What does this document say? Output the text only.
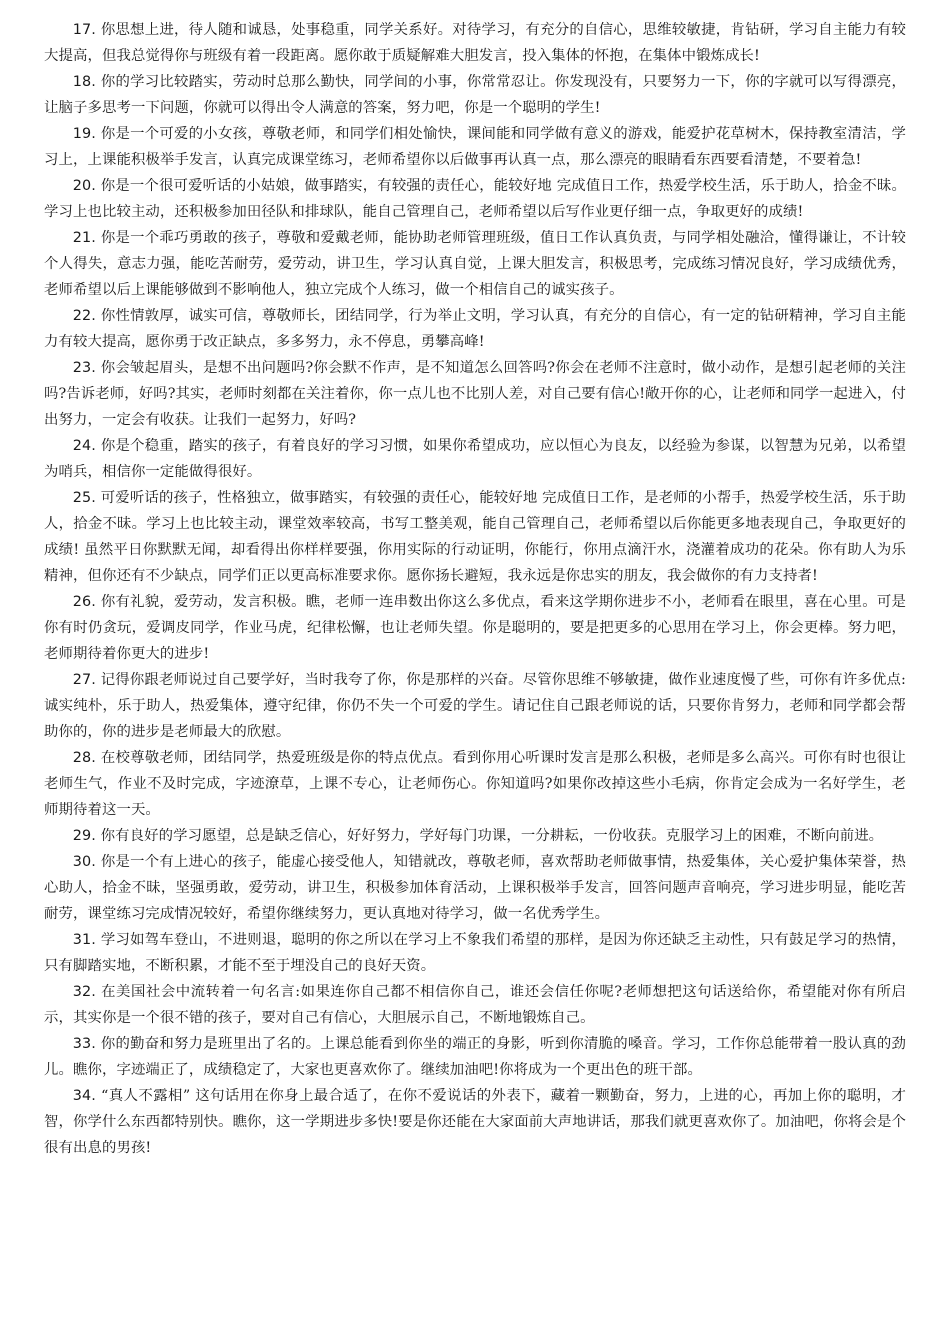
17. 你思想上进，待人随和诚恳，处事稳重，同学关系好。对待学习，有充分的自信心，思维较敏捷，肯钻研，学习自主能力有较大提高，但我总觉得你与班级有着一段距离。愿你敢于质疑解难大胆发言，投入集体的怀抱，在集体中锻炼成长!

18. 你的学习比较踏实，劳动时总那么勤快，同学间的小事，你常常忍让。你发现没有，只要努力一下，你的字就可以写得漂亮，让脑子多思考一下问题，你就可以得出令人满意的答案，努力吧，你是一个聪明的学生!

19. 你是一个可爱的小女孩，尊敬老师，和同学们相处愉快，课间能和同学做有意义的游戏，能爱护花草树木，保持教室清洁，学习上，上课能积极举手发言，认真完成课堂练习，老师希望你以后做事再认真一点，那么漂亮的眼睛看东西要看清楚，不要着急!

20. 你是一个很可爱听话的小姑娘，做事踏实，有较强的责任心，能较好地 完成值日工作，热爱学校生活，乐于助人，拾金不昧。学习上也比较主动，还积极参加田径队和排球队，能自己管理自己，老师希望以后写作业更仔细一点，争取更好的成绩!

21. 你是一个乖巧勇敢的孩子，尊敬和爱戴老师，能协助老师管理班级，值日工作认真负责，与同学相处融洽，懂得谦让，不计较个人得失，意志力强，能吃苦耐劳，爱劳动，讲卫生，学习认真自觉，上课大胆发言，积极思考，完成练习情况良好，学习成绩优秀，老师希望以后上课能够做到不影响他人，独立完成个人练习，做一个相信自己的诚实孩子。

22. 你性情敦厚，诚实可信，尊敬师长，团结同学，行为举止文明，学习认真，有充分的自信心，有一定的钻研精神，学习自主能力有较大提高，愿你勇于改正缺点，多多努力，永不停息，勇攀高峰!

23. 你会皱起眉头，是想不出问题吗?你会默不作声，是不知道怎么回答吗?你会在老师不注意时，做小动作，是想引起老师的关注吗?告诉老师，好吗?其实，老师时刻都在关注着你，你一点儿也不比别人差，对自己要有信心!敞开你的心，让老师和同学一起进入，付出努力，一定会有收获。让我们一起努力，好吗?

24. 你是个稳重，踏实的孩子，有着良好的学习习惯，如果你希望成功，应以恒心为良友，以经验为参谋，以智慧为兄弟，以希望为哨兵，相信你一定能做得很好。

25. 可爱听话的孩子，性格独立，做事踏实，有较强的责任心，能较好地 完成值日工作，是老师的小帮手，热爱学校生活，乐于助人，拾金不昧。学习上也比较主动，课堂效率较高，书写工整美观，能自己管理自己，老师希望以后你能更多地表现自己，争取更好的成绩! 虽然平日你默默无闻，却看得出你样样要强，你用实际的行动证明，你能行，你用点滴汗水，浇灌着成功的花朵。你有助人为乐精神，但你还有不少缺点，同学们正以更高标准要求你。愿你扬长避短，我永远是你忠实的朋友，我会做你的有力支持者!

26. 你有礼貌，爱劳动，发言积极。瞧，老师一连串数出你这么多优点，看来这学期你进步不小，老师看在眼里，喜在心里。可是你有时仍贪玩，爱调皮同学，作业马虎，纪律松懈，也让老师失望。你是聪明的，要是把更多的心思用在学习上，你会更棒。努力吧，老师期待着你更大的进步!

27. 记得你跟老师说过自己要学好，当时我夸了你，你是那样的兴奋。尽管你思维不够敏捷，做作业速度慢了些，可你有许多优点:诚实纯朴，乐于助人，热爱集体，遵守纪律，你仍不失一个可爱的学生。请记住自己跟老师说的话，只要你肯努力，老师和同学都会帮助你的，你的进步是老师最大的欣慰。

28. 在校尊敬老师，团结同学，热爱班级是你的特点优点。看到你用心听课时发言是那么积极，老师是多么高兴。可你有时也很让老师生气，作业不及时完成，字迹潦草，上课不专心，让老师伤心。你知道吗?如果你改掉这些小毛病，你肯定会成为一名好学生，老师期待着这一天。

29. 你有良好的学习愿望，总是缺乏信心，好好努力，学好每门功课，一分耕耘，一份收获。克服学习上的困难，不断向前进。

30. 你是一个有上进心的孩子，能虚心接受他人，知错就改，尊敬老师，喜欢帮助老师做事情，热爱集体，关心爱护集体荣誉，热心助人，拾金不昧，坚强勇敢，爱劳动，讲卫生，积极参加体育活动，上课积极举手发言，回答问题声音响亮，学习进步明显，能吃苦耐劳，课堂练习完成情况较好，希望你继续努力，更认真地对待学习，做一名优秀学生。

31. 学习如驾车登山，不进则退，聪明的你之所以在学习上不象我们希望的那样，是因为你还缺乏主动性，只有鼓足学习的热情，只有脚踏实地，不断积累，才能不至于埋没自己的良好天资。

32. 在美国社会中流转着一句名言:如果连你自己都不相信你自己，谁还会信任你呢?老师想把这句话送给你，希望能对你有所启示，其实你是一个很不错的孩子，要对自己有信心，大胆展示自己，不断地锻炼自己。

33. 你的勤奋和努力是班里出了名的。上课总能看到你坐的端正的身影，听到你清脆的嗓音。学习，工作你总能带着一股认真的劲儿。瞧你，字迹端正了，成绩稳定了，大家也更喜欢你了。继续加油吧!你将成为一个更出色的班干部。

34. “真人不露相” 这句话用在你身上最合适了，在你不爱说话的外表下，藏着一颗勤奋，努力，上进的心，再加上你的聪明，才智，你学什么东西都特别快。瞧你，这一学期进步多快!要是你还能在大家面前大声地讲话，那我们就更喜欢你了。加油吧，你将会是个很有出息的男孩!
